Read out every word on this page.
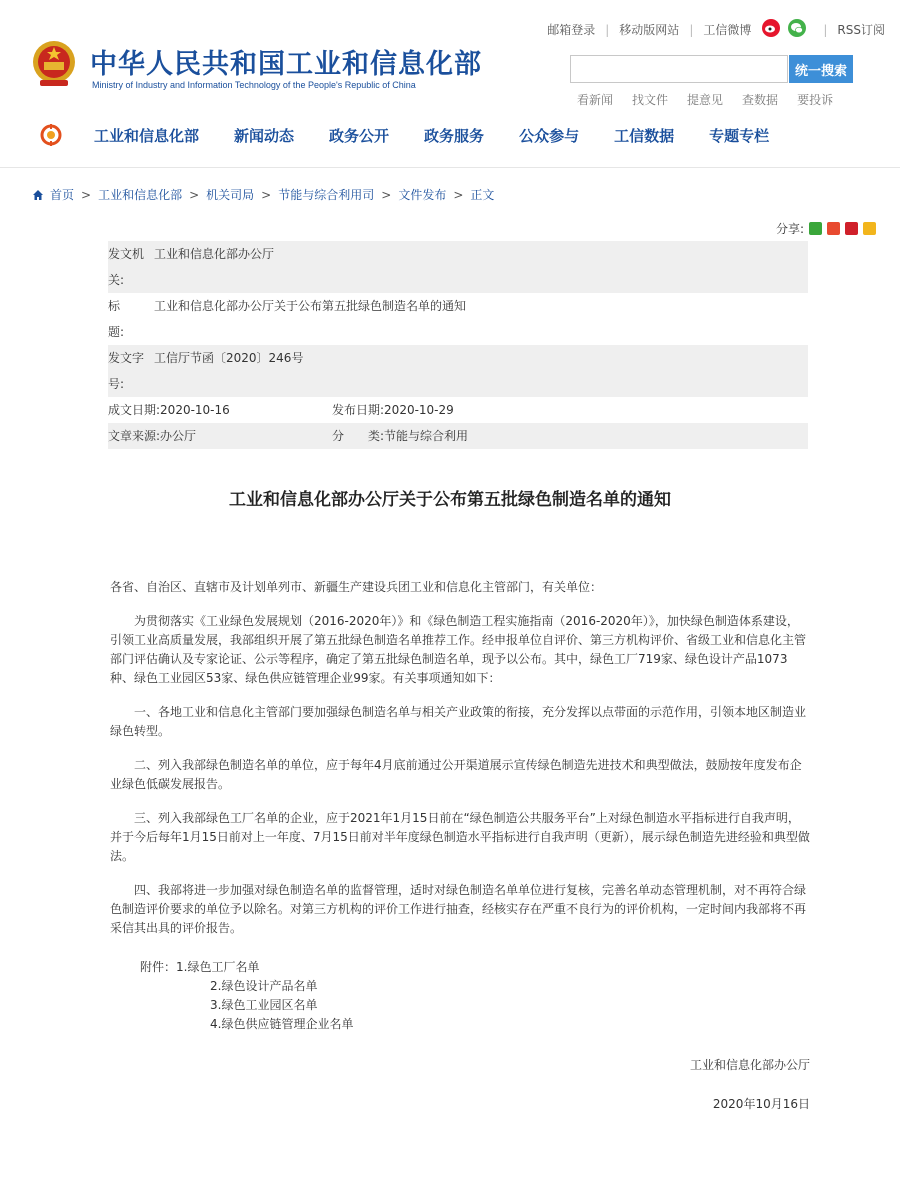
中华人民共和国工业和信息化部
Ministry of Industry and Information Technology of the People's Republic of China
邮箱登录 | 移动版网站 | 工信微博	| RSS订阅
统一搜索
看新闻 找文件 提意见 查数据 要投诉
工业和信息化部 新闻动态 政务公开 政务服务 公众参与 工信数据 专题专栏
首页 > 工业和信息化部 > 机关司局 > 节能与综合利用司 > 文件发布 > 正文
分享:
发文机关:
工业和信息化部办公厅
标　　题:
工业和信息化部办公厅关于公布第五批绿色制造名单的通知
发文字号:
工信厅节函〔2020〕246号
成文日期: 2020-10-16	发布日期: 2020-10-29
文章来源: 办公厅	分　　类: 节能与综合利用
工业和信息化部办公厅关于公布第五批绿色制造名单的通知

各省、自治区、直辖市及计划单列市、新疆生产建设兵团工业和信息化主管部门，有关单位：

为贯彻落实《工业绿色发展规划（2016-2020年）》和《绿色制造工程实施指南（2016-2020年）》，加快绿色制造体系建设，引领工业高质量发展，我部组织开展了第五批绿色制造名单推荐工作。经申报单位自评价、第三方机构评价、省级工业和信息化主管部门评估确认及专家论证、公示等程序，确定了第五批绿色制造名单，现予以公布。其中，绿色工厂719家、绿色设计产品1073种、绿色工业园区53家、绿色供应链管理企业99家。有关事项通知如下：

一、各地工业和信息化主管部门要加强绿色制造名单与相关产业政策的衔接，充分发挥以点带面的示范作用，引领本地区制造业绿色转型。

二、列入我部绿色制造名单的单位，应于每年4月底前通过公开渠道展示宣传绿色制造先进技术和典型做法，鼓励按年度发布企业绿色低碳发展报告。

三、列入我部绿色工厂名单的企业，应于2021年1月15日前在“绿色制造公共服务平台”上对绿色制造水平指标进行自我声明，并于今后每年1月15日前对上一年度、7月15日前对半年度绿色制造水平指标进行自我声明（更新），展示绿色制造先进经验和典型做法。

四、我部将进一步加强对绿色制造名单的监督管理，适时对绿色制造名单单位进行复核，完善名单动态管理机制，对不再符合绿色制造评价要求的单位予以除名。对第三方机构的评价工作进行抽查，经核实存在严重不良行为的评价机构，一定时间内我部将不再采信其出具的评价报告。

附件：1.绿色工厂名单
2.绿色设计产品名单
3.绿色工业园区名单
4.绿色供应链管理企业名单
工业和信息化部办公厅
2020年10月16日
